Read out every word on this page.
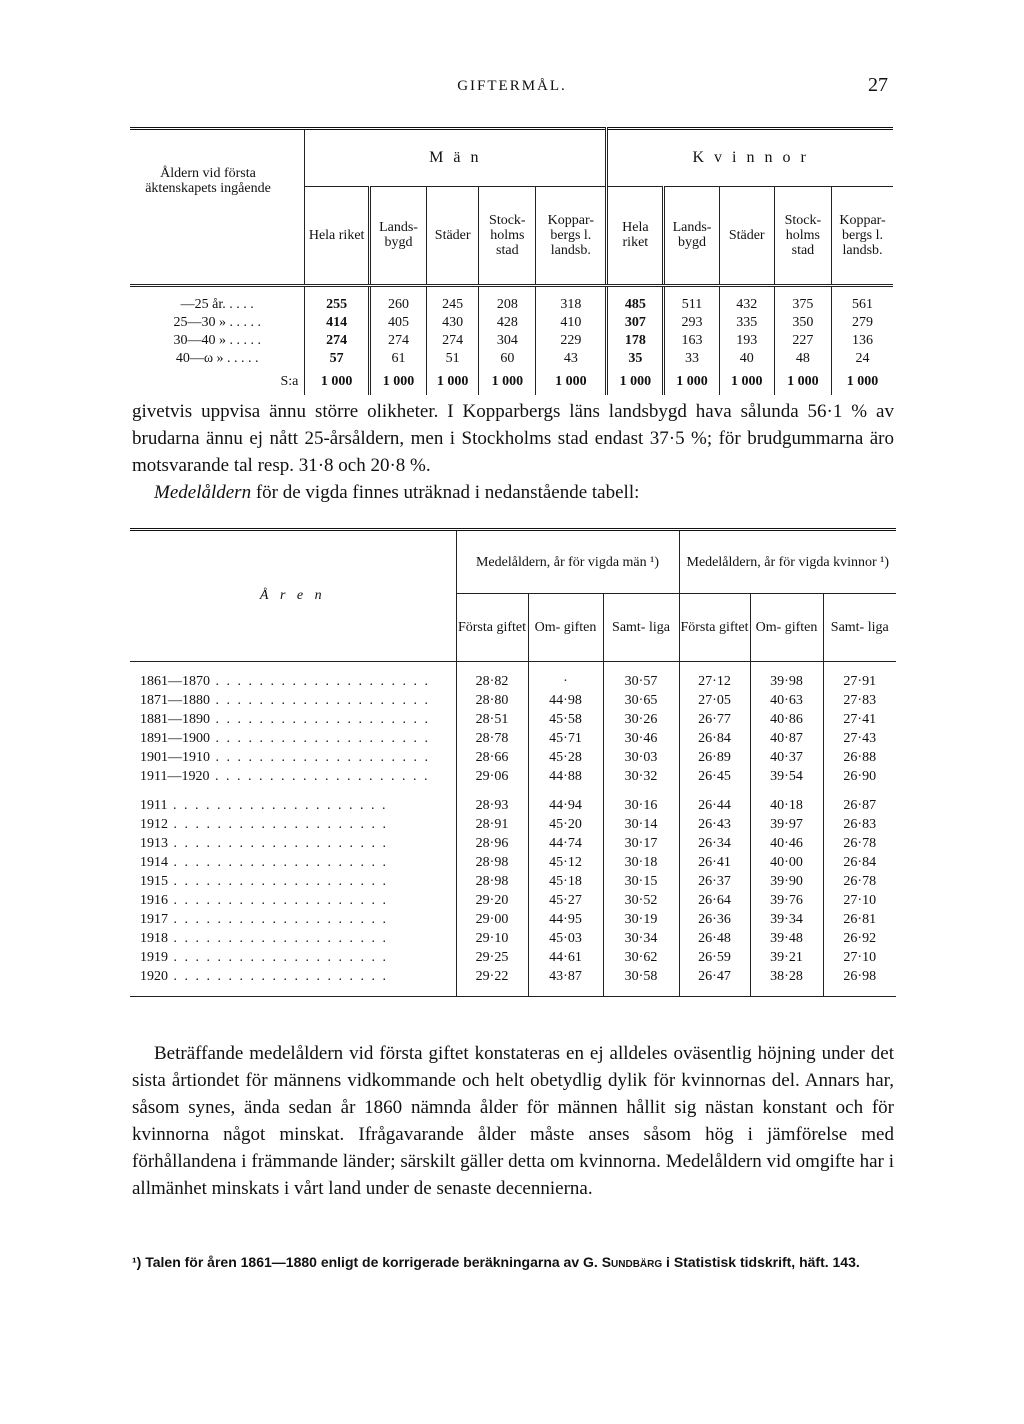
GIFTERMÅL.	27
Åldern vid första äktenskapets ingående	M ä n					K v i n n o r				
	Hela riket	Lands- bygd	Städer	Stock- holms stad	Koppar- bergs l. landsb.	Hela riket	Lands- bygd	Städer	Stock- holms stad	Koppar- bergs l. landsb.

—25 år. . . . .	255	260	245	208	318	485	511	432	375	561
25—30 » . . . . .	414	405	430	428	410	307	293	335	350	279
30—40 » . . . . .	274	274	274	304	229	178	163	193	227	136
40—ω » . . . . .	57	61	51	60	43	35	33	40	48	24
S:a	1 000	1 000	1 000	1 000	1 000	1 000	1 000	1 000	1 000	1 000

givetvis uppvisa ännu större olikheter. I Kopparbergs läns landsbygd hava sålunda 56·1 % av brudarna ännu ej nått 25-årsåldern, men i Stockholms stad endast 37·5 %; för brudgummarna äro motsvarande tal resp. 31·8 och 20·8 %.

Medelåldern för de vigda finnes uträknad i nedanstående tabell:

Å r e n	Medelåldern, år för vigda män ¹)			Medelåldern, år för vigda kvinnor ¹)		
	Första giftet	Om- giften	Samt- liga	Första giftet	Om- giften	Samt- liga

1861—1870 . . . . . . . . . . . . . . . . . . . .	28·82	·	30·57	27·12	39·98	27·91
1871—1880 . . . . . . . . . . . . . . . . . . . .	28·80	44·98	30·65	27·05	40·63	27·83
1881—1890 . . . . . . . . . . . . . . . . . . . .	28·51	45·58	30·26	26·77	40·86	27·41
1891—1900 . . . . . . . . . . . . . . . . . . . .	28·78	45·71	30·46	26·84	40·87	27·43
1901—1910 . . . . . . . . . . . . . . . . . . . .	28·66	45·28	30·03	26·89	40·37	26·88
1911—1920 . . . . . . . . . . . . . . . . . . . .	29·06	44·88	30·32	26·45	39·54	26·90

1911 . . . . . . . . . . . . . . . . . . . .	28·93	44·94	30·16	26·44	40·18	26·87
1912 . . . . . . . . . . . . . . . . . . . .	28·91	45·20	30·14	26·43	39·97	26·83
1913 . . . . . . . . . . . . . . . . . . . .	28·96	44·74	30·17	26·34	40·46	26·78
1914 . . . . . . . . . . . . . . . . . . . .	28·98	45·12	30·18	26·41	40·00	26·84
1915 . . . . . . . . . . . . . . . . . . . .	28·98	45·18	30·15	26·37	39·90	26·78
1916 . . . . . . . . . . . . . . . . . . . .	29·20	45·27	30·52	26·64	39·76	27·10
1917 . . . . . . . . . . . . . . . . . . . .	29·00	44·95	30·19	26·36	39·34	26·81
1918 . . . . . . . . . . . . . . . . . . . .	29·10	45·03	30·34	26·48	39·48	26·92
1919 . . . . . . . . . . . . . . . . . . . .	29·25	44·61	30·62	26·59	39·21	27·10
1920 . . . . . . . . . . . . . . . . . . . .	29·22	43·87	30·58	26·47	38·28	26·98

Beträffande medelåldern vid första giftet konstateras en ej alldeles oväsentlig höjning under det sista årtiondet för männens vidkommande och helt obetydlig dylik för kvinnornas del. Annars har, såsom synes, ända sedan år 1860 nämnda ålder för männen hållit sig nästan konstant och för kvinnorna något minskat. Ifrågavarande ålder måste anses såsom hög i jämförelse med förhållandena i främmande länder; särskilt gäller detta om kvinnorna. Medelåldern vid omgifte har i allmänhet minskats i vårt land under de senaste decennierna.
¹) Talen för åren 1861—1880 enligt de korrigerade beräkningarna av G. Sundbärg i Statistisk tidskrift, häft. 143.
